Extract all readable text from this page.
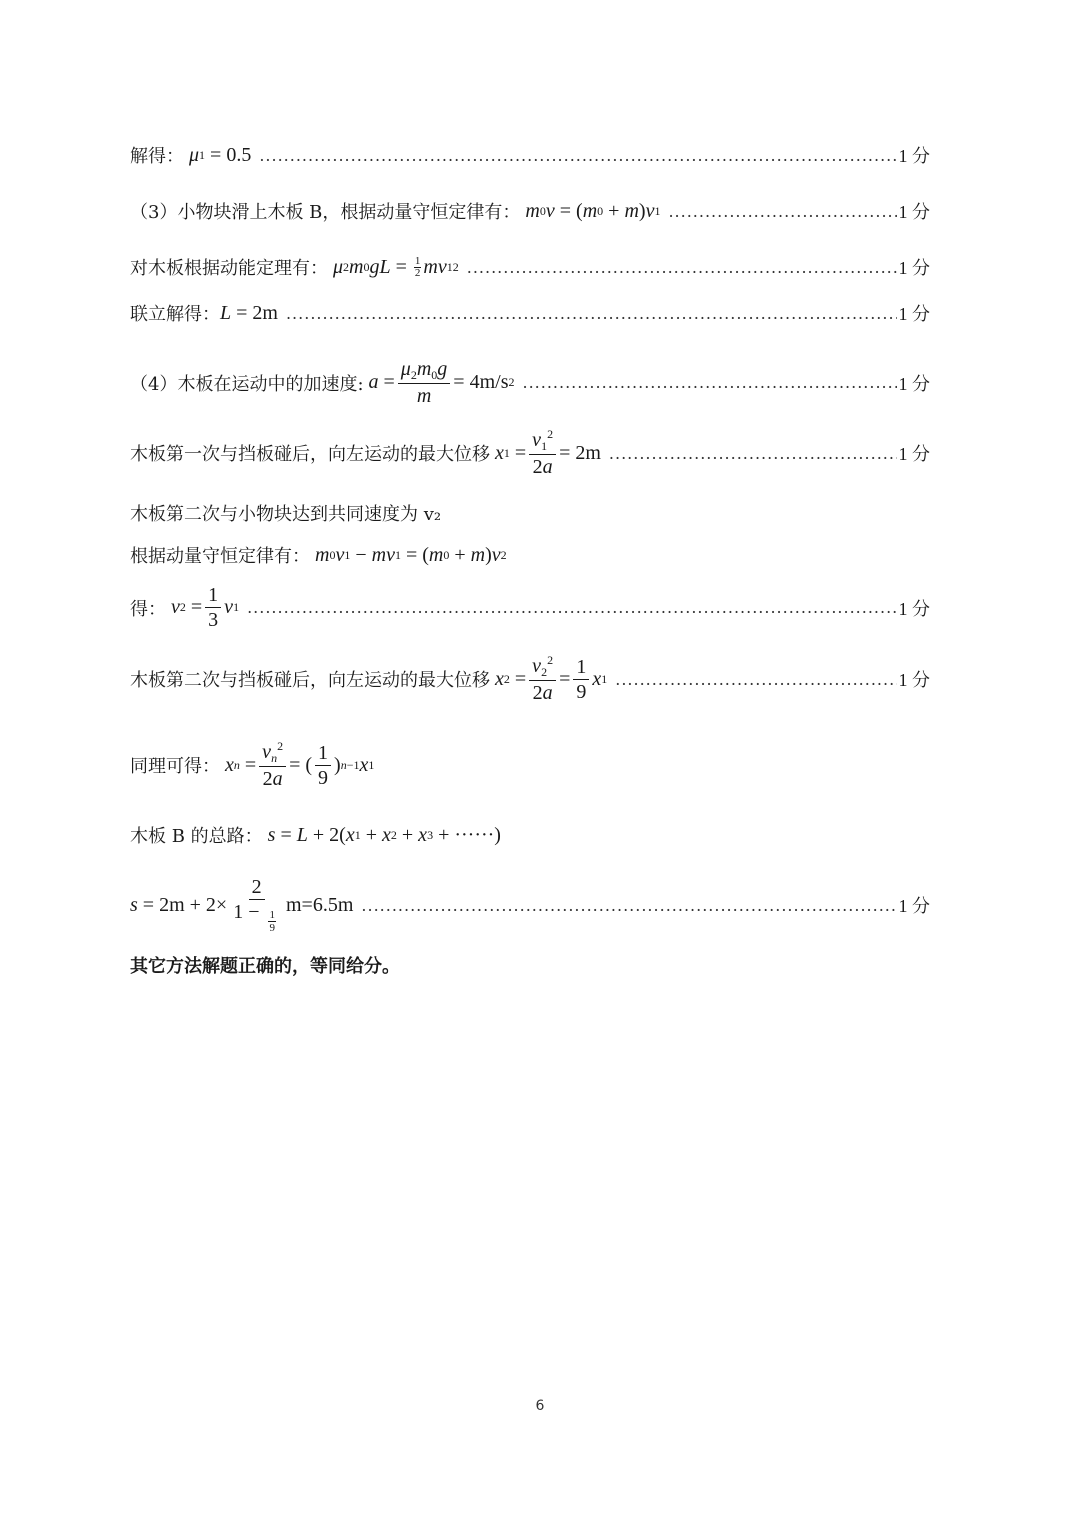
解得：
μ 1 = 0.5 .....	1 分
（3）小物块滑上木板 B，根据动量守恒定律有：
m 0 v = ( m 0 + m ) v 1 .....	1 分
对木板根据动能定理有：
μ 2 m 0 gL = $\frac{1}{2}$ mv 1 2 .....	1 分
联立解得： L = 2m .....	1 分
（4）木板在运动中的加速度:
$a = \frac{\mu_2m_0g}{m} = 4m/s$ 2 .....	1 分
木板第一次与挡板碰后，向左运动的最大位移
x $1 = \frac{v_1^2}{2a} = 2m$ .....	1 分
木板第二次与小物块达到共同速度为 v₂
根据动量守恒定律有：
m 0 v 1 − mv 1 = ( m 0 + m ) v 2
得：
v $2 = \frac{1}{3}$ v 1 .....	1 分
木板第二次与挡板碰后，向左运动的最大位移
x $2 = \frac{v_2^2}{2a} = \frac{1}{9}$ x 1 .....	1 分
同理可得：
x $n = \frac{v_n^2}{2a}$ = ( $\frac{1}{9}$ ) n−1 x 1
木板 B 的总路：
s = L + 2( x 1 + x 2 + x 3 + ······)
$s = 2m + 2\times \frac{2}{1 - \frac{1}{9}} m=6.5m$ .....	1 分
其它方法解题正确的，等同给分。
6
